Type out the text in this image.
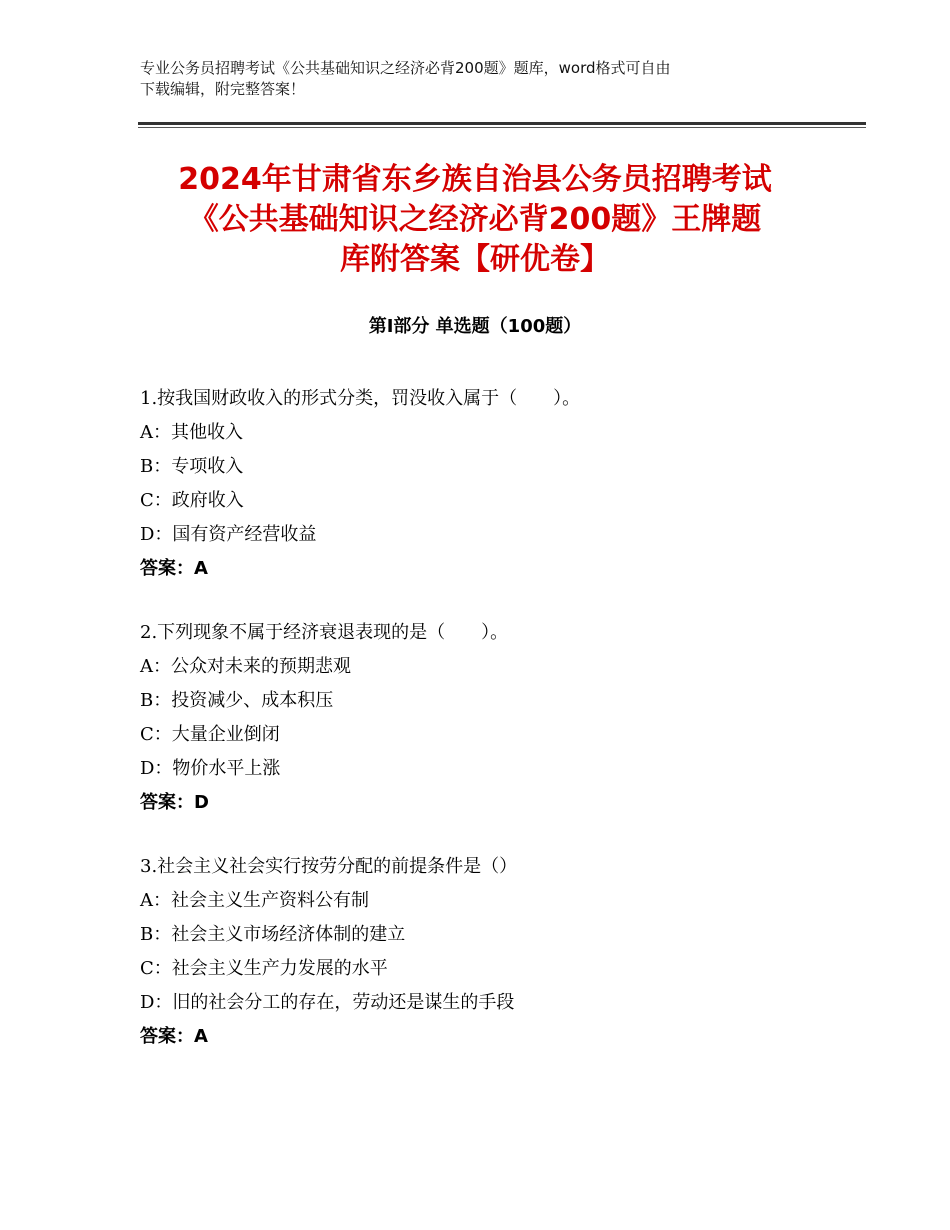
专业公务员招聘考试《公共基础知识之经济必背200题》题库，word格式可自由
下载编辑，附完整答案！
2024年甘肃省东乡族自治县公务员招聘考试
《公共基础知识之经济必背200题》王牌题
库附答案【研优卷】
第I部分 单选题（100题）
1.按我国财政收入的形式分类，罚没收入属于（　　）。
A：其他收入
B：专项收入
C：政府收入
D：国有资产经营收益
答案：A
2.下列现象不属于经济衰退表现的是（　　）。
A：公众对未来的预期悲观
B：投资减少、成本积压
C：大量企业倒闭
D：物价水平上涨
答案：D
3.社会主义社会实行按劳分配的前提条件是（）
A：社会主义生产资料公有制
B：社会主义市场经济体制的建立
C：社会主义生产力发展的水平
D：旧的社会分工的存在，劳动还是谋生的手段
答案：A
